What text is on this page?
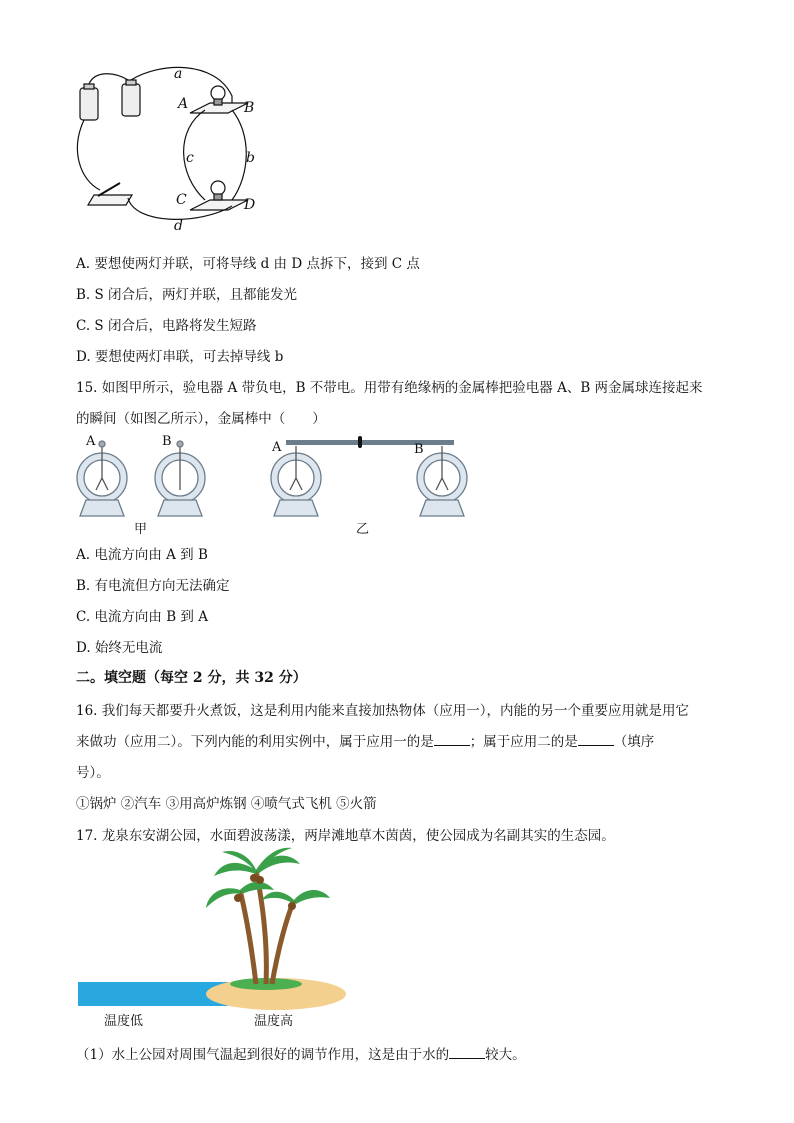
a
A	B
c	b
C	D
d
A. 要想使两灯并联，可将导线 d 由 D 点拆下，接到 C 点
B. S 闭合后，两灯并联，且都能发光
C. S 闭合后，电路将发生短路
D. 要想使两灯串联，可去掉导线 b
15. 如图甲所示，验电器 A 带负电，B 不带电。用带有绝缘柄的金属棒把验电器 A、B 两金属球连接起来
的瞬间（如图乙所示），金属棒中（　　）
A	B
甲
A	B
乙
A. 电流方向由 A 到 B
B. 有电流但方向无法确定
C. 电流方向由 B 到 A
D. 始终无电流
二。填空题（每空 2 分，共 32 分）
16. 我们每天都要升火煮饭，这是利用内能来直接加热物体（应用一），内能的另一个重要应用就是用它
来做功（应用二）。下列内能的利用实例中，属于应用一的是	；属于应用二的是	（填序
号）。
①锅炉 ②汽车 ③用高炉炼钢 ④喷气式飞机 ⑤火箭
17. 龙泉东安湖公园，水面碧波荡漾，两岸滩地草木茵茵，使公园成为名副其实的生态园。
温度低	温度高
（1）水上公园对周围气温起到很好的调节作用，这是由于水的	较大。
